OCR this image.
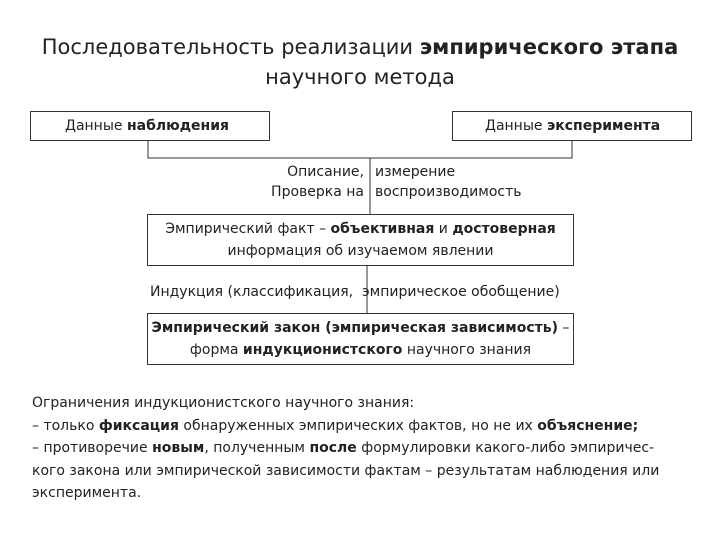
Последовательность реализации эмпирического этапа
научного метода
Данные наблюдения	Данные эксперимента
Описание,
Проверка на
измерение
воспроизводимость
Эмпирический факт – объективная и достоверная
информация об изучаемом явлении
Индукция (классификация, эмпирическое обобщение)
Эмпирический закон (эмпирическая зависимость) –
форма индукционистского научного знания
Ограничения индукционистского научного знания:
– только фиксация обнаруженных эмпирических фактов, но не их объяснение;
– противоречие новым, полученным после формулировки какого-либо эмпиричес-
кого закона или эмпирической зависимости фактам – результатам наблюдения или
эксперимента.
